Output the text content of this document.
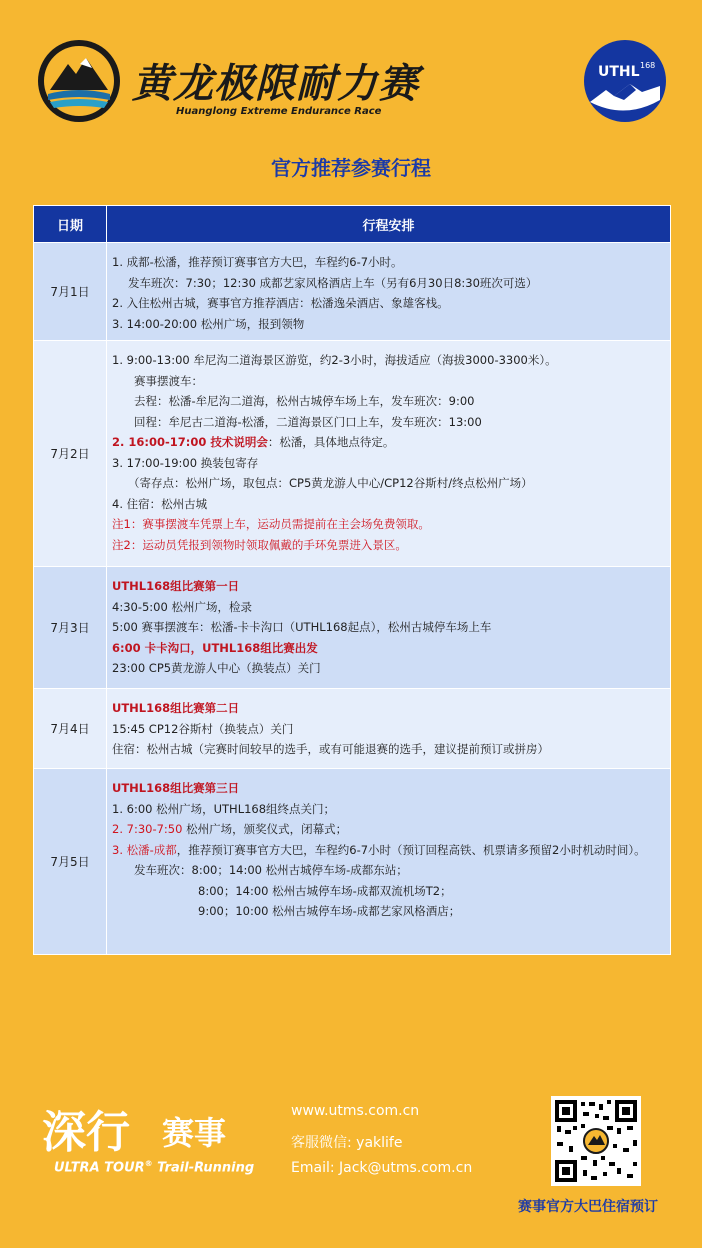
黄龙极限耐力赛
Huanglong Extreme Endurance Race
UTHL 168
官方推荐参赛行程
日期	行程安排
7月1日
1. 成都-松潘，推荐预订赛事官方大巴，车程约6-7小时。
发车班次：7:30；12:30 成都艺家风格酒店上车（另有6月30日8:30班次可选）
2. 入住松州古城，赛事官方推荐酒店：松潘逸朵酒店、象雄客栈。
3. 14:00-20:00 松州广场，报到领物
7月2日
1. 9:00-13:00 牟尼沟二道海景区游览，约2-3小时，海拔适应（海拔3000-3300米）。
赛事摆渡车：
去程：松潘-牟尼沟二道海，松州古城停车场上车，发车班次：9:00
回程：牟尼古二道海-松潘，二道海景区门口上车，发车班次：13:00
2. 16:00-17:00 技术说明会：松潘，具体地点待定。
3. 17:00-19:00 换装包寄存
（寄存点：松州广场，取包点：CP5黄龙游人中心/CP12谷斯村/终点松州广场）
4. 住宿：松州古城
注1：赛事摆渡车凭票上车，运动员需提前在主会场免费领取。
注2：运动员凭报到领物时领取佩戴的手环免票进入景区。
7月3日
UTHL168组比赛第一日
4:30-5:00 松州广场，检录
5:00 赛事摆渡车：松潘-卡卡沟口（UTHL168起点），松州古城停车场上车
6:00 卡卡沟口，UTHL168组比赛出发
23:00 CP5黄龙游人中心（换装点）关门
7月4日
UTHL168组比赛第二日
15:45 CP12谷斯村（换装点）关门
住宿：松州古城（完赛时间较早的选手，或有可能退赛的选手，建议提前预订或拼房）
7月5日
UTHL168组比赛第三日
1. 6:00 松州广场，UTHL168组终点关门；
2. 7:30-7:50 松州广场，颁奖仪式，闭幕式；
3. 松潘-成都，推荐预订赛事官方大巴，车程约6-7小时（预订回程高铁、机票请多预留2小时机动时间）。
发车班次：8:00；14:00 松州古城停车场-成都东站；
8:00；14:00 松州古城停车场-成都双流机场T2；
9:00；10:00 松州古城停车场-成都艺家风格酒店；
深行 赛事
ULTRA TOUR® Trail-Running
www.utms.com.cn
客服微信: yaklife
Email: Jack@utms.com.cn
赛事官方大巴住宿预订
